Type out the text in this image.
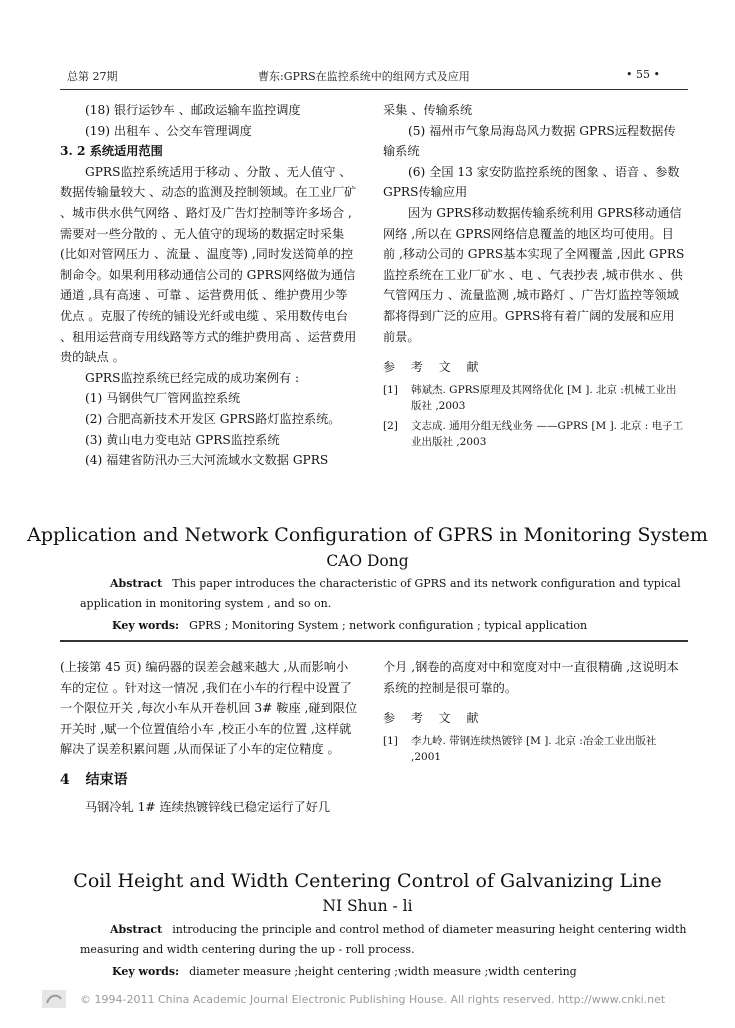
总第 27期	曹东:GPRS在监控系统中的组网方式及应用	• 55 •

(18) 银行运钞车 、邮政运输车监控调度

(19) 出租车 、公交车管理调度

3. 2 系统适用范围

GPRS监控系统适用于移动 、分散 、无人值守 、数据传输量较大 、动态的监测及控制领域。在工业厂矿 、城市供水供气网络 、路灯及广告灯控制等许多场合 ,需要对一些分散的 、无人值守的现场的数据定时采集(比如对管网压力 、流量 、温度等) ,同时发送简单的控制命令。如果利用移动通信公司的 GPRS网络做为通信通道 ,具有高速 、可靠 、运营费用低 、维护费用少等优点 。克服了传统的铺设光纤或电缆 、采用数传电台 、租用运营商专用线路等方式的维护费用高 、运营费用贵的缺点 。

GPRS监控系统已经完成的成功案例有 :

(1) 马钢供气厂管网监控系统

(2) 合肥高新技术开发区 GPRS路灯监控系统。

(3) 黄山电力变电站 GPRS监控系统

(4) 福建省防汛办三大河流域水文数据 GPRS

采集 、传输系统

(5) 福州市气象局海岛风力数据 GPRS远程数据传输系统

(6) 全国 13 家安防监控系统的图象 、语音 、参数 GPRS传输应用

因为 GPRS移动数据传输系统利用 GPRS移动通信网络 ,所以在 GPRS网络信息覆盖的地区均可使用。目前 ,移动公司的 GPRS基本实现了全网覆盖 ,因此 GPRS监控系统在工业厂矿水 、电 、气表抄表 ,城市供水 、供气管网压力 、流量监测 ,城市路灯 、广告灯监控等领域都将得到广泛的应用。GPRS将有着广阔的发展和应用前景。

参 考 文 献
[1]	韩斌杰. GPRS原理及其网络优化 [M ]. 北京 :机械工业出版社 ,2003
[2]	文志成. 通用分组无线业务 ——GPRS [M ]. 北京 : 电子工业出版社 ,2003
Application and Network Configuration of GPRS in Monitoring System
CAO Dong
Abstract This paper introduces the characteristic of GPRS and its network configuration and typical application in monitoring system , and so on.
Key words: GPRS ; Monitoring System ; network configuration ; typical application

(上接第 45 页) 编码器的误差会越来越大 ,从而影响小车的定位 。针对这一情况 ,我们在小车的行程中设置了一个限位开关 ,每次小车从开卷机回 3# 鞍座 ,碰到限位开关时 ,赋一个位置值给小车 ,校正小车的位置 ,这样就解决了误差积累问题 ,从而保证了小车的定位精度 。

4 结束语

马钢冷轧 1# 连续热镀锌线已稳定运行了好几

个月 ,钢卷的高度对中和宽度对中一直很精确 ,这说明本系统的控制是很可靠的。

参 考 文 献
[1]	李九岭. 带钢连续热镀锌 [M ]. 北京 :冶金工业出版社 ,2001
Coil Height and Width Centering Control of Galvanizing Line
NI Shun - li
Abstract introducing the principle and control method of diameter measuring height centering width measuring and width centering during the up - roll process.
Key words: diameter measure ;height centering ;width measure ;width centering
© 1994-2011 China Academic Journal Electronic Publishing House. All rights reserved. http://www.cnki.net
